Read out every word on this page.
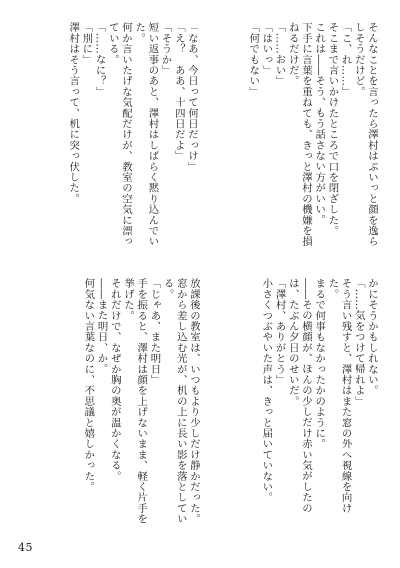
そんなことを言ったら澤村はぷいっと顔を逸らしそうだけど。
「こ、れ……」
そこまで言いかけたところで口を閉ざした。
これは――そう、もう話さない方がいい。
下手に言葉を重ねても、きっと澤村の機嫌を損ねるだけだ。
「……おい」
「はいっ」
「何でもない」
かにそうかもしれない。
「……気をつけて帰れよ」
そう言い残すと、澤村はまた窓の外へ視線を向けた。
まるで何事もなかったかのように。
――その横顔が、ほんの少しだけ赤い気がしたのは、たぶん夕日のせいだ。
「澤村、ありがとう」
小さくつぶやいた声は、きっと届いていない。
「なあ、今日って何日だっけ」
「え？　ああ、十四日だよ」
「そうか」
短い返事のあと、澤村はしばらく黙り込んでいた。
何か言いたげな気配だけが、教室の空気に漂っている。
「……なに？」
「別に」
澤村はそう言って、机に突っ伏した。
放課後の教室は、いつもより少しだけ静かだった。
窓から差し込む光が、机の上に長い影を落としている。
「じゃあ、また明日」
手を振ると、澤村は顔を上げないまま、軽く片手を挙げた。
それだけで、なぜか胸の奥が温かくなる。
――また明日、か。
何気ない言葉なのに、不思議と嬉しかった。
45
